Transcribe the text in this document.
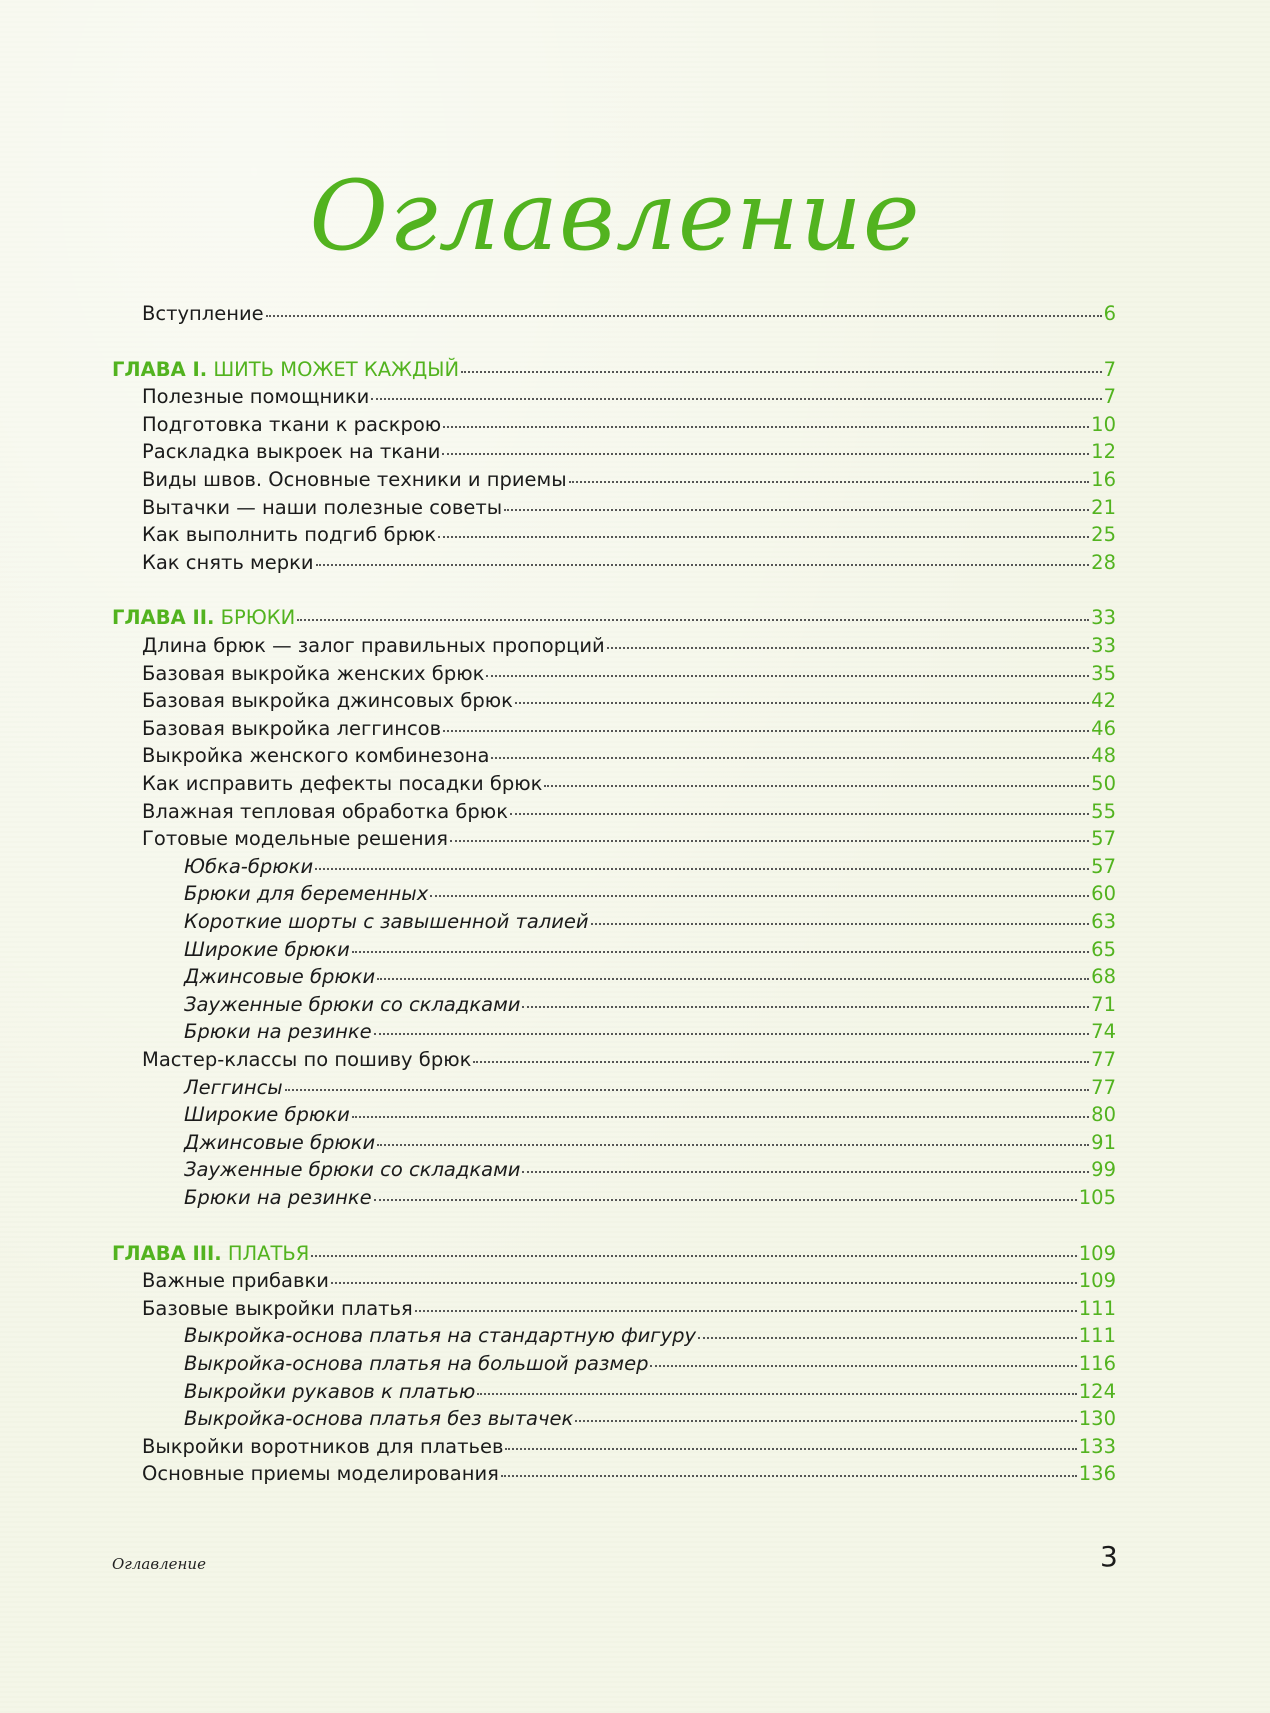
Оглавление
Вступление	6
ГЛАВА I. ШИТЬ МОЖЕТ КАЖДЫЙ	7
Полезные помощники	7
Подготовка ткани к раскрою	10
Раскладка выкроек на ткани	12
Виды швов. Основные техники и приемы	16
Вытачки — наши полезные советы	21
Как выполнить подгиб брюк	25
Как снять мерки	28
ГЛАВА II. БРЮКИ	33
Длина брюк — залог правильных пропорций	33
Базовая выкройка женских брюк	35
Базовая выкройка джинсовых брюк	42
Базовая выкройка леггинсов	46
Выкройка женского комбинезона	48
Как исправить дефекты посадки брюк	50
Влажная тепловая обработка брюк	55
Готовые модельные решения	57
Юбка-брюки	57
Брюки для беременных	60
Короткие шорты с завышенной талией	63
Широкие брюки	65
Джинсовые брюки	68
Зауженные брюки со складками	71
Брюки на резинке	74
Мастер-классы по пошиву брюк	77
Леггинсы	77
Широкие брюки	80
Джинсовые брюки	91
Зауженные брюки со складками	99
Брюки на резинке	105
ГЛАВА III. ПЛАТЬЯ	109
Важные прибавки	109
Базовые выкройки платья	111
Выкройка-основа платья на стандартную фигуру	111
Выкройка-основа платья на большой размер	116
Выкройки рукавов к платью	124
Выкройка-основа платья без вытачек	130
Выкройки воротников для платьев	133
Основные приемы моделирования	136
Оглавление	3
